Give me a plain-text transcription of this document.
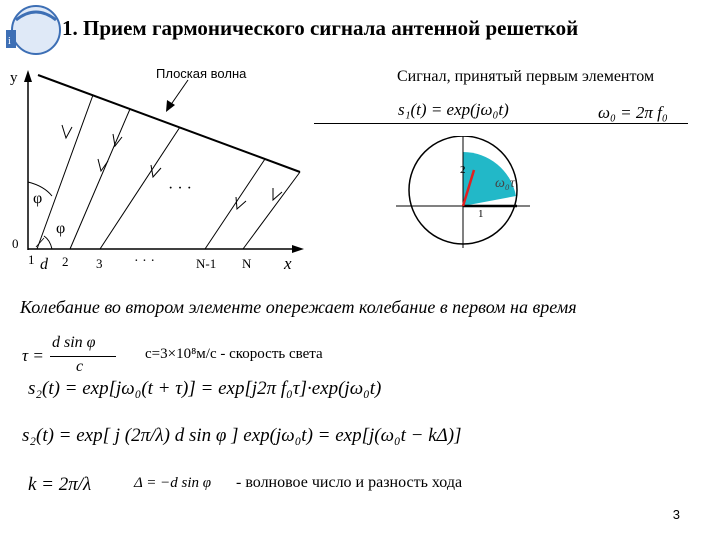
i
1. Прием гармонического сигнала антенной решеткой
Плоская волна
y
x
0
φ
φ
· · ·
d
1 2 3 · · ·	N-1 N
Сигнал, принятый первым элементом
s₁(t) = exp(jω₀t)	ω₀ = 2π f₀
2
1
ω₀τ
Колебание во втором элементе опережает колебание в первом на время
τ =
d sin φ
c
c=3×10⁸м/с - скорость света
s₂(t) = exp[jω₀(t + τ)] = exp[j2π f₀τ]·exp(jω₀t)
s₂(t) = exp[ j (2π/λ) d sin φ ] exp(jω₀t) = exp[j(ω₀t − kΔ)]
k = 2π/λ	Δ = −d sin φ - волновое число и разность хода
3
